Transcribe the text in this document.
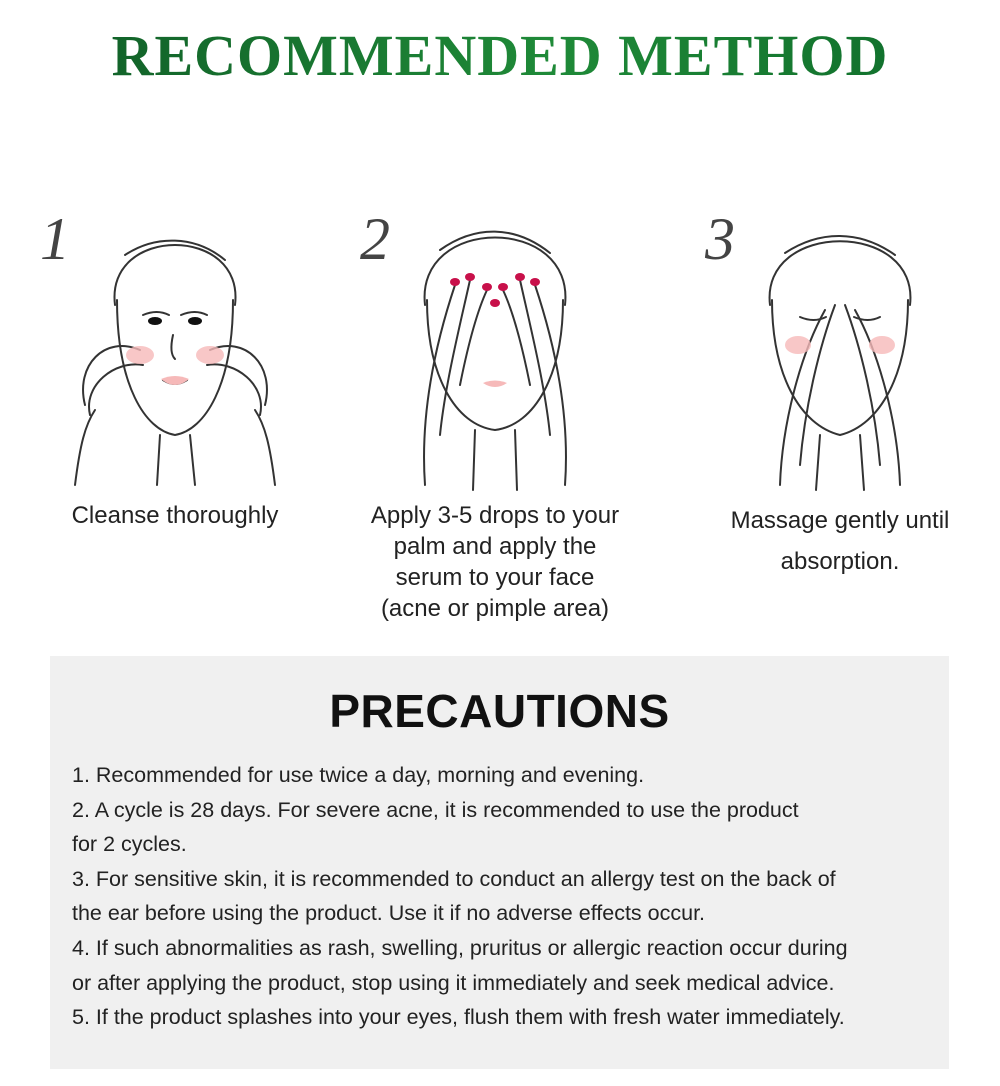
RECOMMENDED METHOD
1
Cleanse thoroughly
2
Apply 3-5 drops to your
palm and apply the
serum to your face
(acne or pimple area)
3
Massage gently until
absorption.
PRECAUTIONS

1. Recommended for use twice a day, morning and evening.

2. A cycle is 28 days. For severe acne, it is recommended to use the product

for 2 cycles.

3. For sensitive skin, it is recommended to conduct an allergy test on the back of

the ear before using the product. Use it if no adverse effects occur.

4. If such abnormalities as rash, swelling, pruritus or allergic reaction occur during

or after applying the product, stop using it immediately and seek medical advice.

5. If the product splashes into your eyes, flush them with fresh water immediately.
